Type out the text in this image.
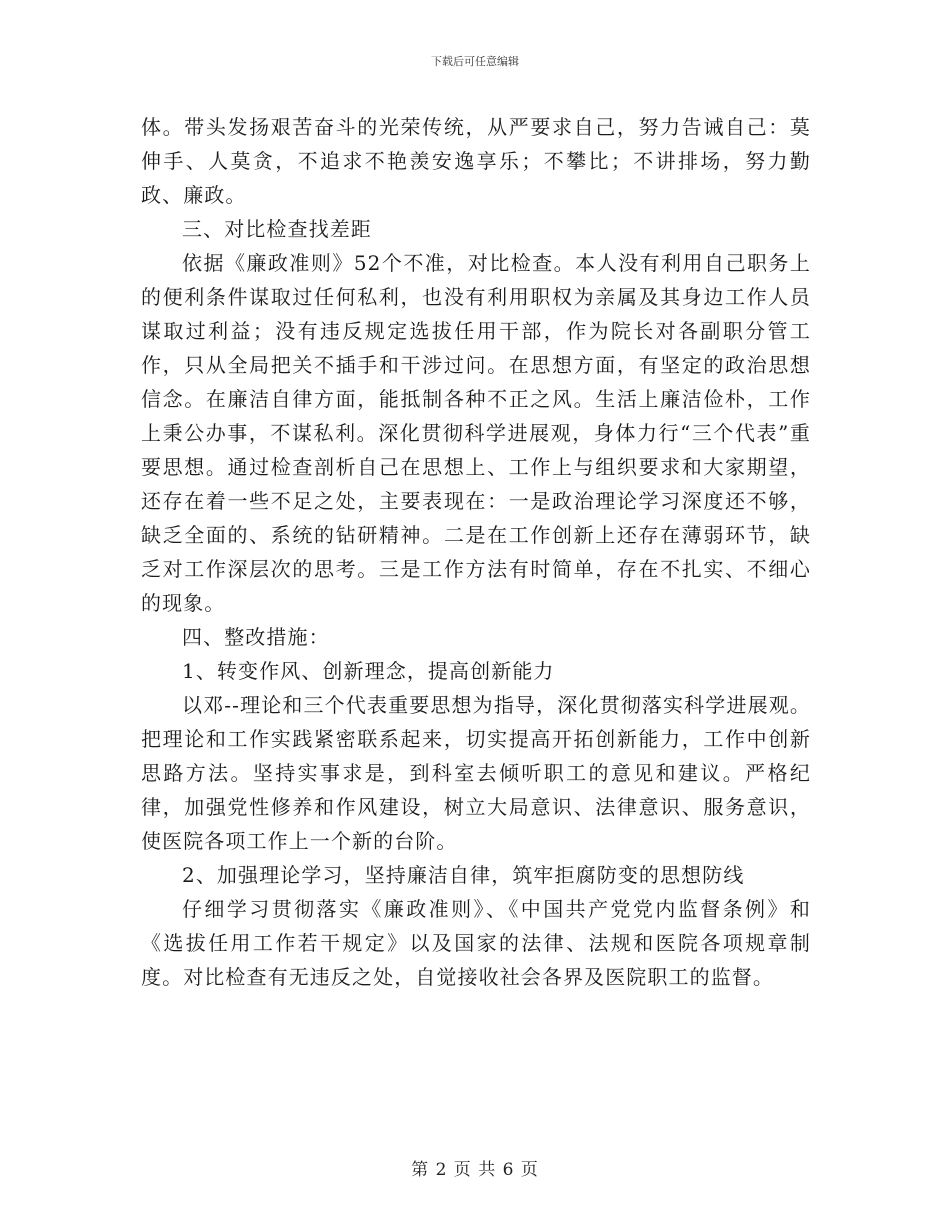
下载后可任意编辑

体。带头发扬艰苦奋斗的光荣传统，从严要求自己，努力告诫自己：莫伸手、人莫贪，不追求不艳羡安逸享乐；不攀比；不讲排场，努力勤政、廉政。

三、对比检查找差距

依据《廉政准则》52个不准，对比检查。本人没有利用自己职务上的便利条件谋取过任何私利，也没有利用职权为亲属及其身边工作人员谋取过利益；没有违反规定选拔任用干部，作为院长对各副职分管工作，只从全局把关不插手和干涉过问。在思想方面，有坚定的政治思想信念。在廉洁自律方面，能抵制各种不正之风。生活上廉洁俭朴，工作上秉公办事，不谋私利。深化贯彻科学进展观，身体力行“三个代表”重要思想。通过检查剖析自己在思想上、工作上与组织要求和大家期望，还存在着一些不足之处，主要表现在：一是政治理论学习深度还不够，缺乏全面的、系统的钻研精神。二是在工作创新上还存在薄弱环节，缺乏对工作深层次的思考。三是工作方法有时简单，存在不扎实、不细心的现象。

四、整改措施：

1、转变作风、创新理念，提高创新能力

以邓--理论和三个代表重要思想为指导，深化贯彻落实科学进展观。把理论和工作实践紧密联系起来，切实提高开拓创新能力，工作中创新思路方法。坚持实事求是，到科室去倾听职工的意见和建议。严格纪律，加强党性修养和作风建设，树立大局意识、法律意识、服务意识，使医院各项工作上一个新的台阶。

2、加强理论学习，坚持廉洁自律，筑牢拒腐防变的思想防线

仔细学习贯彻落实《廉政准则》、《中国共产党党内监督条例》和《选拔任用工作若干规定》以及国家的法律、法规和医院各项规章制度。对比检查有无违反之处，自觉接收社会各界及医院职工的监督。

第 2 页 共 6 页
